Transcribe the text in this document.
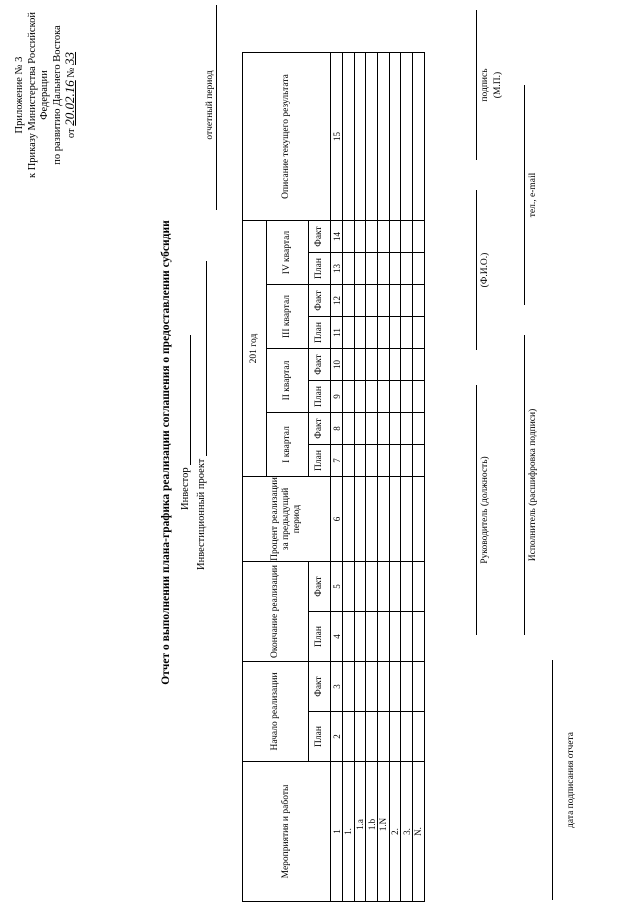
Приложение № 3 к Приказу Министерства Российской Федерации по развитию Дальнего Востока от 20.02.16 № 33
Отчет о выполнении плана-графика реализации соглашения о предоставлении субсидии Инвестор Инвестиционный проект
отчетный период
Мероприятия и работы	Начало реализации		Окончание реализации		Процент реализации за предыдущий период	201 год								Описание текущего результата
						I квартал		II квартал		III квартал		IV квартал		
	План	Факт	План	Факт		План	Факт	План	Факт	План	Факт	План	Факт	
1	2	3	4	5	6	7	8	9	10	11	12	13	14	15
1.														
1.a														
1.b														
1.N														
2.														
3.														
N.														
дата подписания отчета
Руководитель (должность)
(Ф.И.О.)
подпись (М.П.)
Исполнитель (расшифровка подписи)
тел., e-mail
